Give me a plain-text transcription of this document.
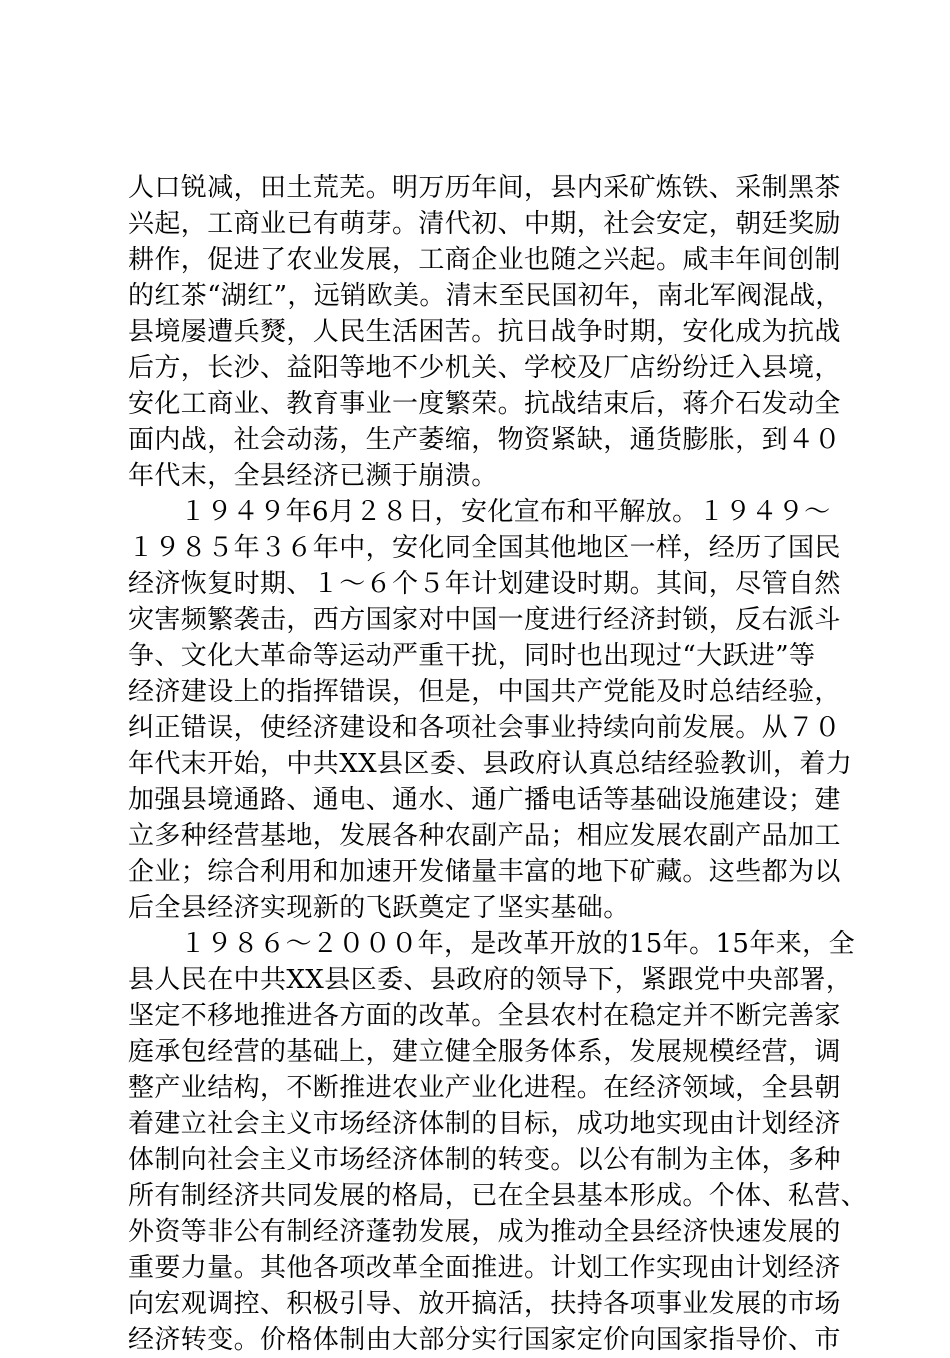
人口锐减，田土荒芜。明万历年间，县内采矿炼铁、采制黑茶
兴起，工商业已有萌芽。清代初、中期，社会安定，朝廷奖励
耕作，促进了农业发展，工商企业也随之兴起。咸丰年间创制
的红茶“湖红”，远销欧美。清末至民国初年，南北军阀混战，
县境屡遭兵燹，人民生活困苦。抗日战争时期，安化成为抗战
后方，长沙、益阳等地不少机关、学校及厂店纷纷迁入县境，
安化工商业、教育事业一度繁荣。抗战结束后，蒋介石发动全
面内战，社会动荡，生产萎缩，物资紧缺，通货膨胀，到４０
年代末，全县经济已濒于崩溃。
１９４９年6月２８日，安化宣布和平解放。１９４９～
１９８５年３６年中，安化同全国其他地区一样，经历了国民
经济恢复时期、１～６个５年计划建设时期。其间，尽管自然
灾害频繁袭击，西方国家对中国一度进行经济封锁，反右派斗
争、文化大革命等运动严重干扰，同时也出现过“大跃进”等
经济建设上的指挥错误，但是，中国共产党能及时总结经验，
纠正错误，使经济建设和各项社会事业持续向前发展。从７０
年代末开始，中共XX县区委、县政府认真总结经验教训，着力
加强县境通路、通电、通水、通广播电话等基础设施建设；建
立多种经营基地，发展各种农副产品；相应发展农副产品加工
企业；综合利用和加速开发储量丰富的地下矿藏。这些都为以
后全县经济实现新的飞跃奠定了坚实基础。
１９８６～２０００年，是改革开放的15年。15年来，全
县人民在中共XX县区委、县政府的领导下，紧跟党中央部署，
坚定不移地推进各方面的改革。全县农村在稳定并不断完善家
庭承包经营的基础上，建立健全服务体系，发展规模经营，调
整产业结构，不断推进农业产业化进程。在经济领域，全县朝
着建立社会主义市场经济体制的目标，成功地实现由计划经济
体制向社会主义市场经济体制的转变。以公有制为主体，多种
所有制经济共同发展的格局，已在全县基本形成。个体、私营、
外资等非公有制经济蓬勃发展，成为推动全县经济快速发展的
重要力量。其他各项改革全面推进。计划工作实现由计划经济
向宏观调控、积极引导、放开搞活，扶持各项事业发展的市场
经济转变。价格体制由大部分实行国家定价向国家指导价、市
